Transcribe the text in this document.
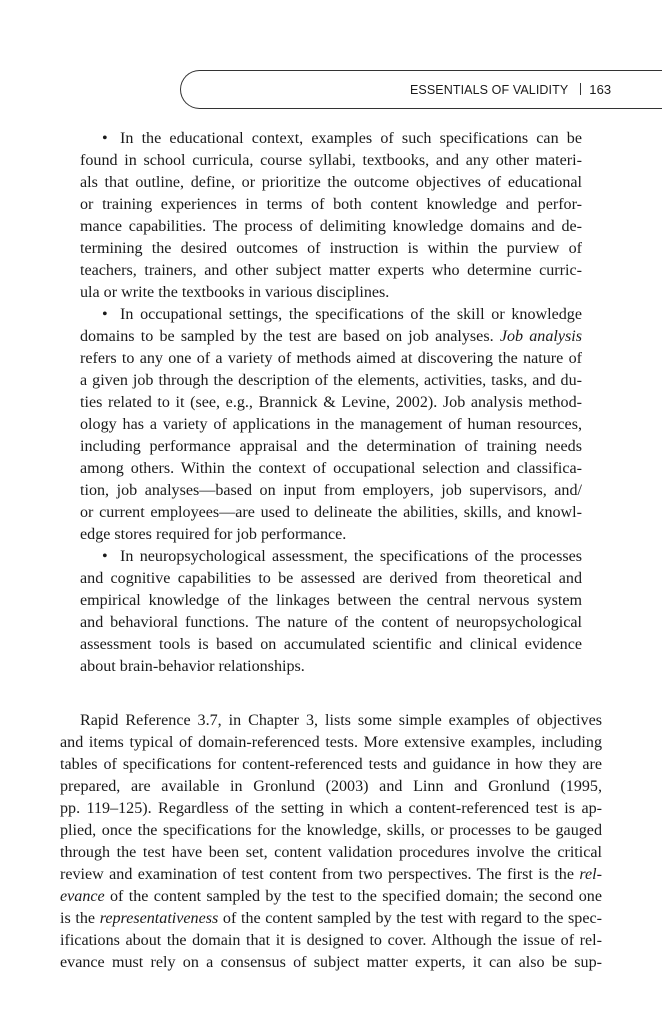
ESSENTIALS OF VALIDITY 163
• In the educational context, examples of such specifications can be
found in school curricula, course syllabi, textbooks, and any other materi-
als that outline, define, or prioritize the outcome objectives of educational
or training experiences in terms of both content knowledge and perfor-
mance capabilities. The process of delimiting knowledge domains and de-
termining the desired outcomes of instruction is within the purview of
teachers, trainers, and other subject matter experts who determine curric-
ula or write the textbooks in various disciplines.
• In occupational settings, the specifications of the skill or knowledge
domains to be sampled by the test are based on job analyses. Job analysis
refers to any one of a variety of methods aimed at discovering the nature of
a given job through the description of the elements, activities, tasks, and du-
ties related to it (see, e.g., Brannick & Levine, 2002). Job analysis method-
ology has a variety of applications in the management of human resources,
including performance appraisal and the determination of training needs
among others. Within the context of occupational selection and classifica-
tion, job analyses—based on input from employers, job supervisors, and/
or current employees—are used to delineate the abilities, skills, and knowl-
edge stores required for job performance.
• In neuropsychological assessment, the specifications of the processes
and cognitive capabilities to be assessed are derived from theoretical and
empirical knowledge of the linkages between the central nervous system
and behavioral functions. The nature of the content of neuropsychological
assessment tools is based on accumulated scientific and clinical evidence
about brain-behavior relationships.
Rapid Reference 3.7, in Chapter 3, lists some simple examples of objectives
and items typical of domain-referenced tests. More extensive examples, including
tables of specifications for content-referenced tests and guidance in how they are
prepared, are available in Gronlund (2003) and Linn and Gronlund (1995,
pp. 119–125). Regardless of the setting in which a content-referenced test is ap-
plied, once the specifications for the knowledge, skills, or processes to be gauged
through the test have been set, content validation procedures involve the critical
review and examination of test content from two perspectives. The first is the rel-
evance of the content sampled by the test to the specified domain; the second one
is the representativeness of the content sampled by the test with regard to the spec-
ifications about the domain that it is designed to cover. Although the issue of rel-
evance must rely on a consensus of subject matter experts, it can also be sup-
